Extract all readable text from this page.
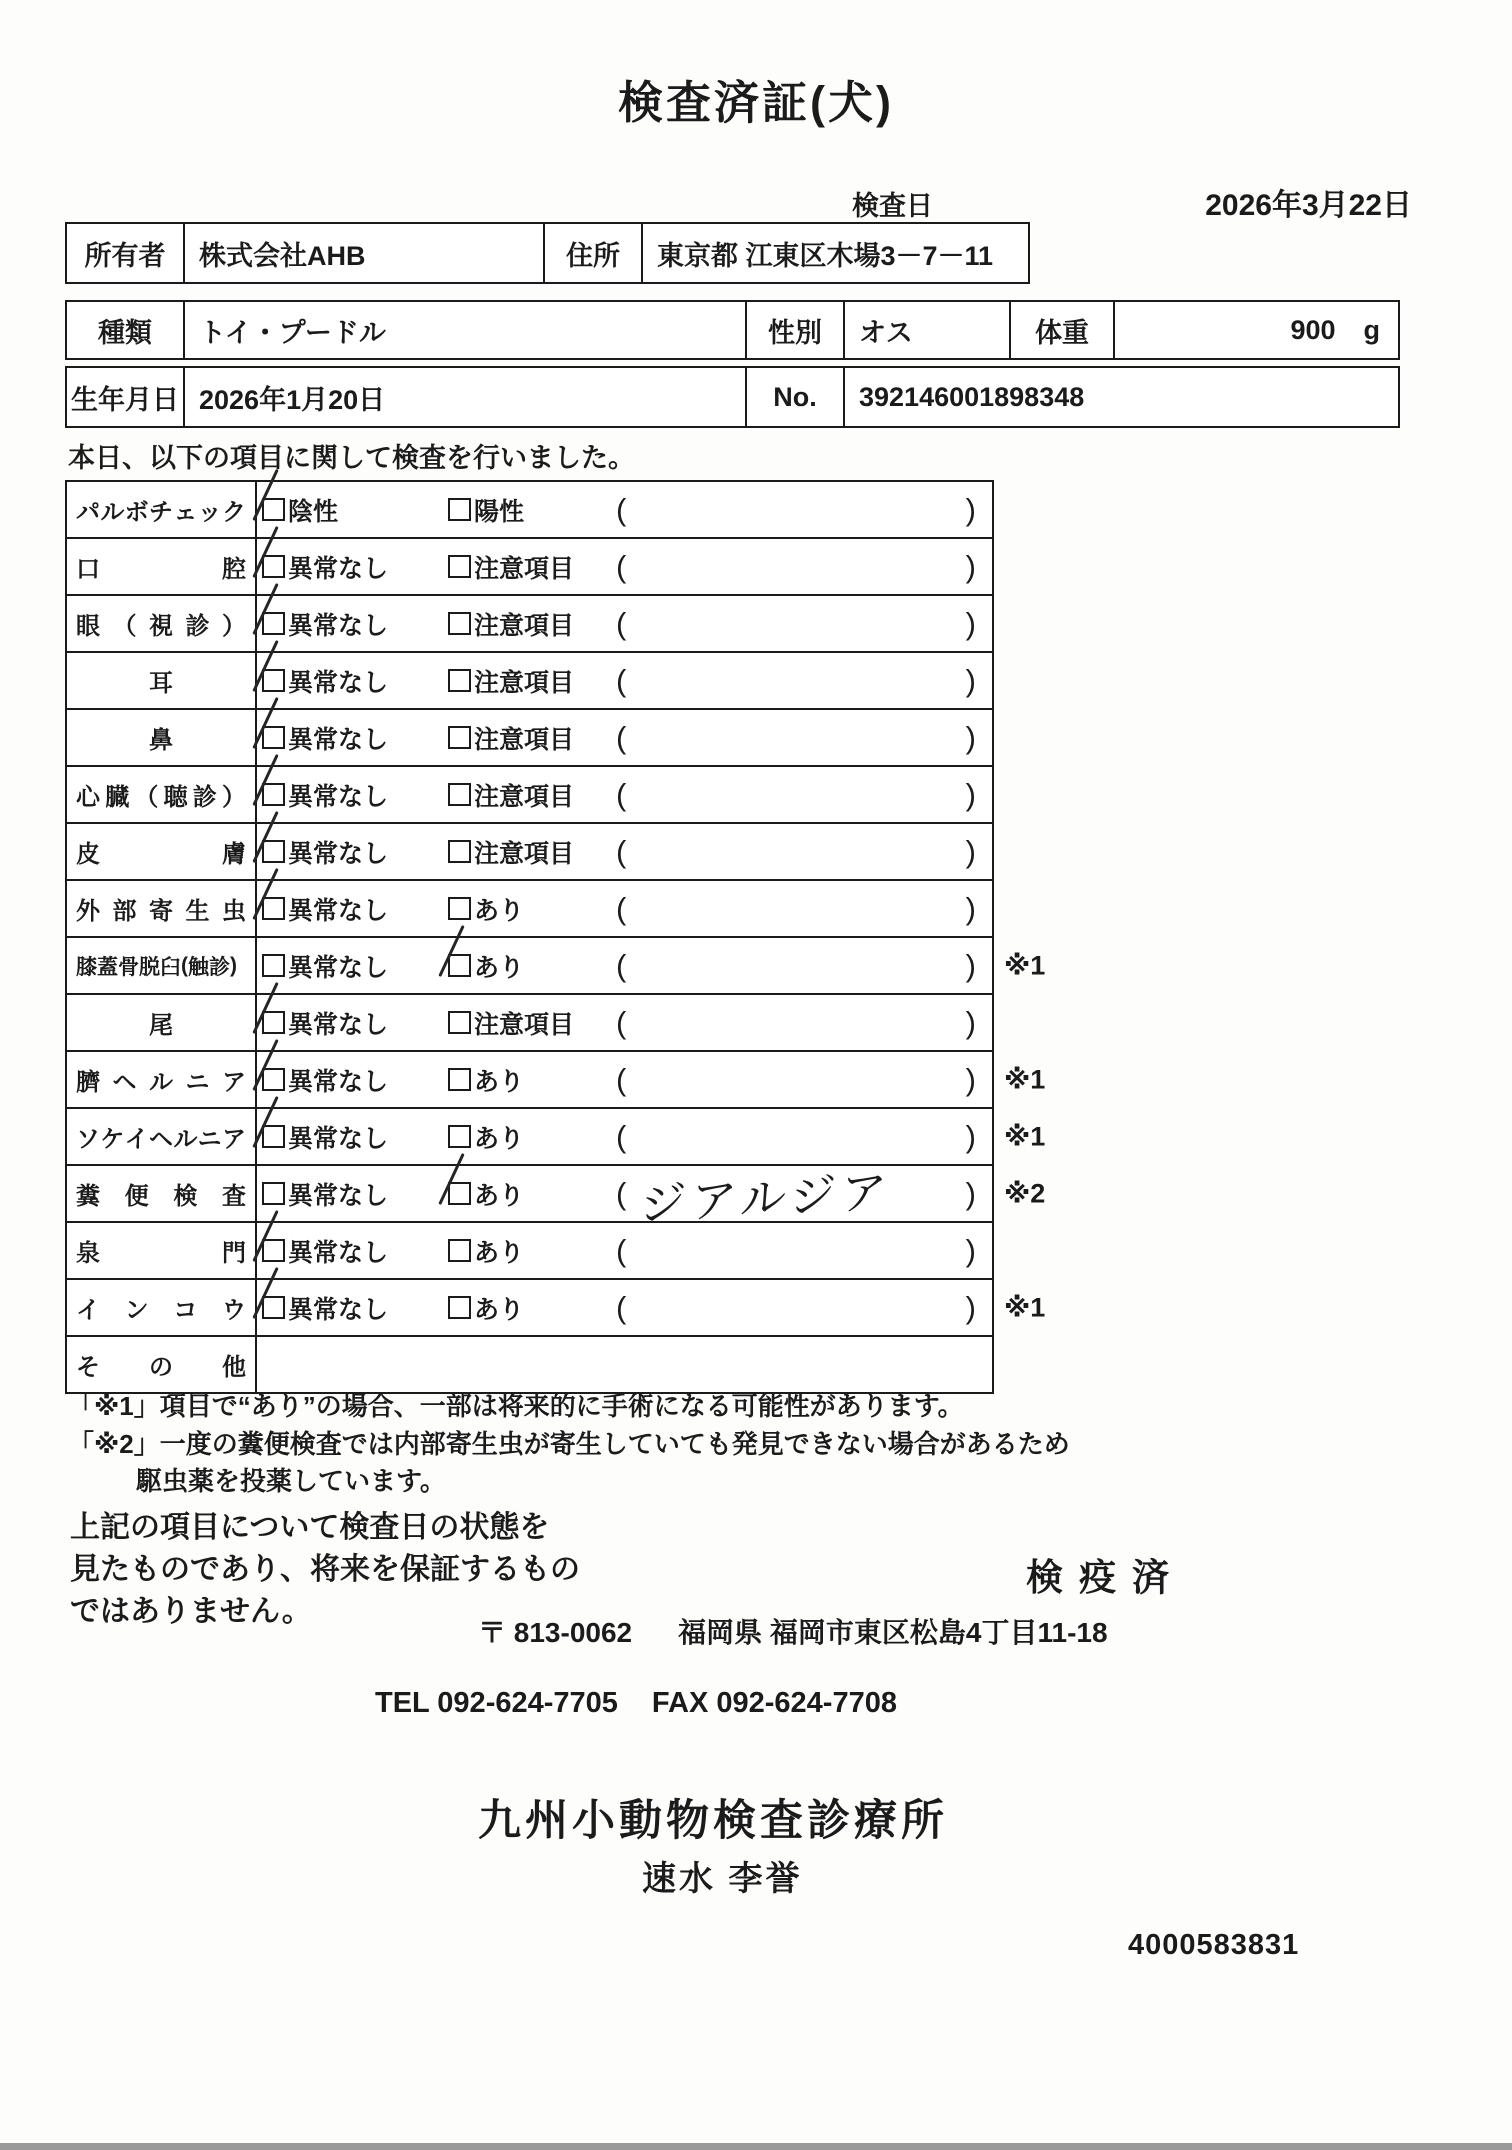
検査済証(犬)
検査日	2026年3月22日
所有者	株式会社AHB	住所	東京都 江東区木場3－7－11
種類	トイ・プードル	性別	オス	体重	900 g
生年月日 2026年1月20日	No.	392146001898348
本日、以下の項目に関して検査を行いました。
パ ル ボ チ ェ ッ ク 陰性	陽性	(	)
口	腔 異常なし	注意項目 (	)
眼 （ 視 診 ） 異常なし	注意項目 (	)
耳	異常なし	注意項目 (	)
鼻	異常なし	注意項目 (	)
心 臓 （ 聴 診 ） 異常なし	注意項目 (	)
皮	膚 異常なし	注意項目 (	)
外 部 寄 生 虫 異常なし	あり	(	)
膝 蓋 骨 脱 臼 ( 触 診 ) 異常なし	あり	(	) ※1
尾	異常なし	注意項目 (	)
臍 ヘ ル ニ ア 異常なし	あり	(	) ※1
ソ ケ イ ヘ ル ニ ア 異常なし	あり	(	) ※1
糞 便 検 査 異常なし	あり	( ジアルジア ) ※2
泉	門 異常なし	あり	(	)
イ ン コ ウ 異常なし	あり	(	) ※1
そ の 他
「※1」項目で“あり”の場合、一部は将来的に手術になる可能性があります。
「※2」一度の糞便検査では内部寄生虫が寄生していても発見できない場合があるため
駆虫薬を投薬しています。
上記の項目について検査日の状態を
見たものであり、将来を保証するもの
ではありません。
検疫済
〒 813-0062 福岡県 福岡市東区松島4丁目11-18
TEL 092-624-7705 FAX 092-624-7708
九州小動物検査診療所
速水 李誉
4000583831
